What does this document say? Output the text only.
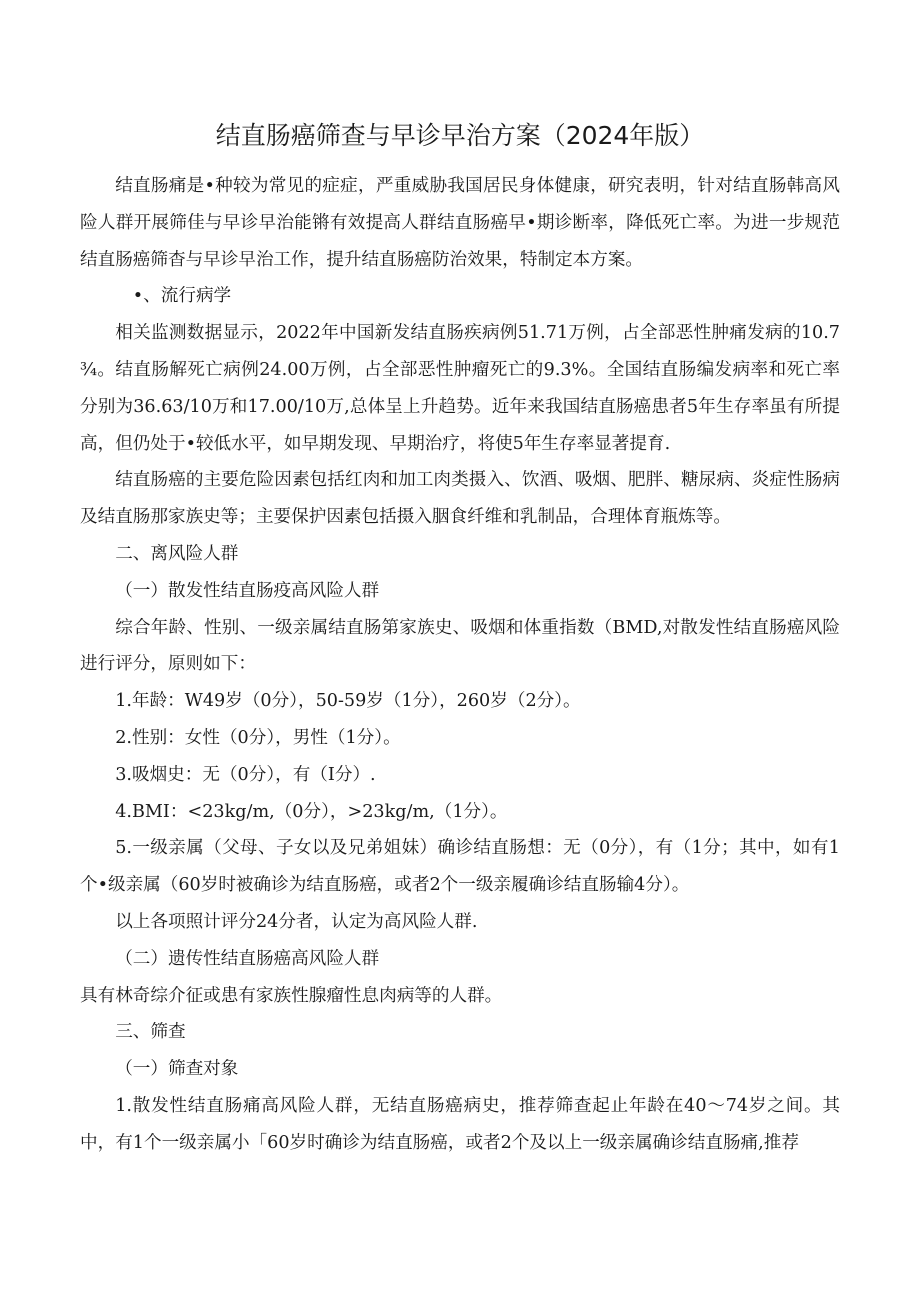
结直肠癌筛查与早诊早治方案（2024年版）

结直肠痛是•种较为常见的症症，严重威胁我国居民身体健康，研究表明，针对结直肠韩高风险人群开展筛佳与早诊早治能锵有效提高人群结直肠癌早•期诊断率，降低死亡率。为进一步规范结直肠癌筛杳与早诊早治工作，提升结直肠癌防治效果，特制定本方案。

•、流行病学

相关监测数据显示，2022年中国新发结直肠疾病例51.71万例，占全部恶性肿痛发病的10.7¾。结直肠解死亡病例24.00万例，占全部恶性肿瘤死亡的9.3%。全国结直肠编发病率和死亡率分别为36.63/10万和17.00/10万,总体呈上升趋势。近年来我国结直肠癌患者5年生存率虽有所提高，但仍处于•较低水平，如早期发现、早期治疗，将使5年生存率显著提育.

结直肠癌的主要危险因素包括红肉和加工肉类摄入、饮酒、吸烟、肥胖、糖尿病、炎症性肠病及结直肠那家族史等；主要保护因素包括摄入胭食纤维和乳制品，合理体育瓶炼等。

二、离风险人群

（一）散发性结直肠疫高风险人群

综合年龄、性别、一级亲属结直肠第家族史、吸烟和体重指数（BMD,对散发性结直肠癌风险进行评分，原则如下：

1.年龄：W49岁（0分），50-59岁（1分），260岁（2分）。

2.性别：女性（0分），男性（1分）。

3.吸烟史：无（0分），有（I分）.

4.BMI：<23kg∕m,（0分），>23kg∕m,（1分）。

5.一级亲属（父母、子女以及兄弟姐妹）确诊结直肠想：无（0分），有（1分；其中，如有1个•级亲属（60岁时被确诊为结直肠癌，或者2个一级亲履确诊结直肠输4分）。

以上各项照计评分24分者，认定为高风险人群.

（二）遗传性结直肠癌高风险人群

具有林奇综介征或患有家族性腺瘤性息肉病等的人群。

三、筛查

（一）筛查对象

1.散发性结直肠痛高风险人群，无结直肠癌病史，推荐筛查起止年龄在40〜74岁之间。其中，有1个一级亲属小「60岁时确诊为结直肠癌，或者2个及以上一级亲属确诊结直肠痛,推荐
